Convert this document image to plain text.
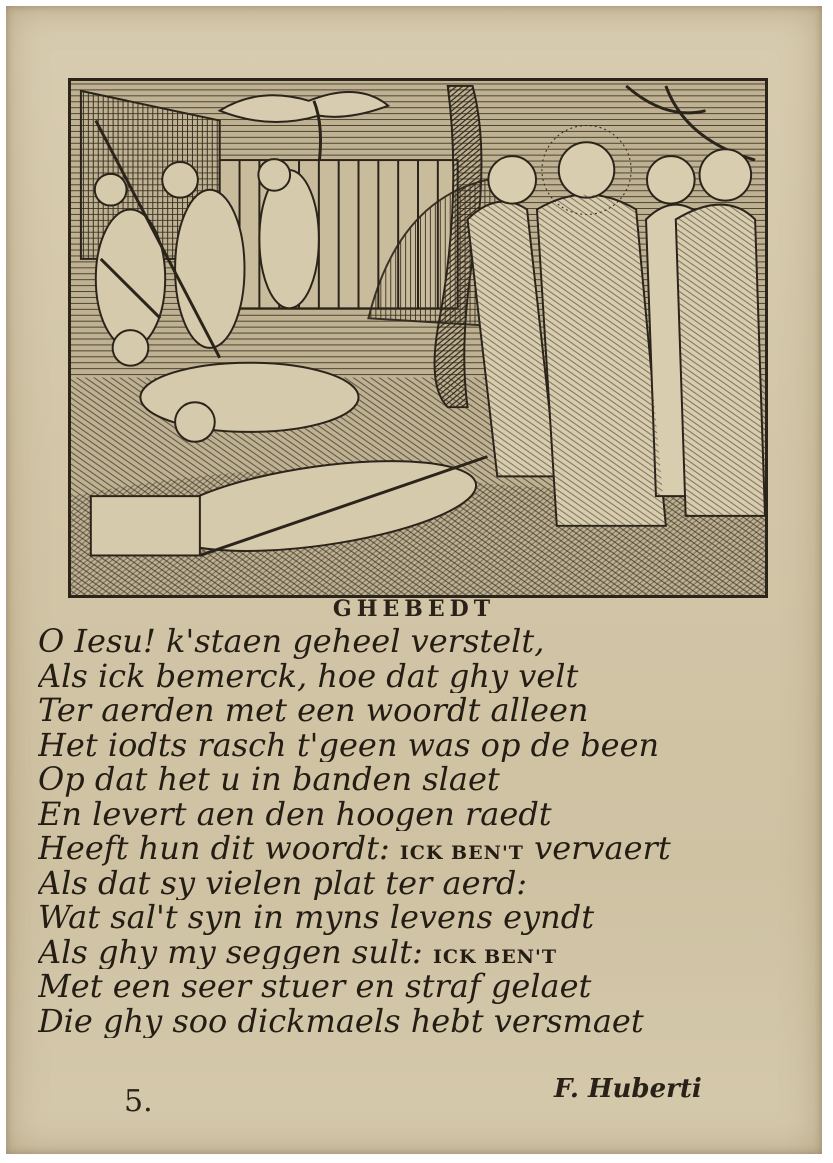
GHEBEDT
O Iesu! k'staen geheel verstelt,
Als ick bemerck, hoe dat ghy velt
Ter aerden met een woordt alleen
Het iodts rasch t'geen was op de been
Op dat het u in banden slaet
En levert aen den hoogen raedt
Heeft hun dit woordt: ICK BEN'T vervaert
Als dat sy vielen plat ter aerd:
Wat sal't syn in myns levens eyndt
Als ghy my seggen sult: ICK BEN'T
Met een seer stuer en straf gelaet
Die ghy soo dickmaels hebt versmaet
5.	F. Huberti
